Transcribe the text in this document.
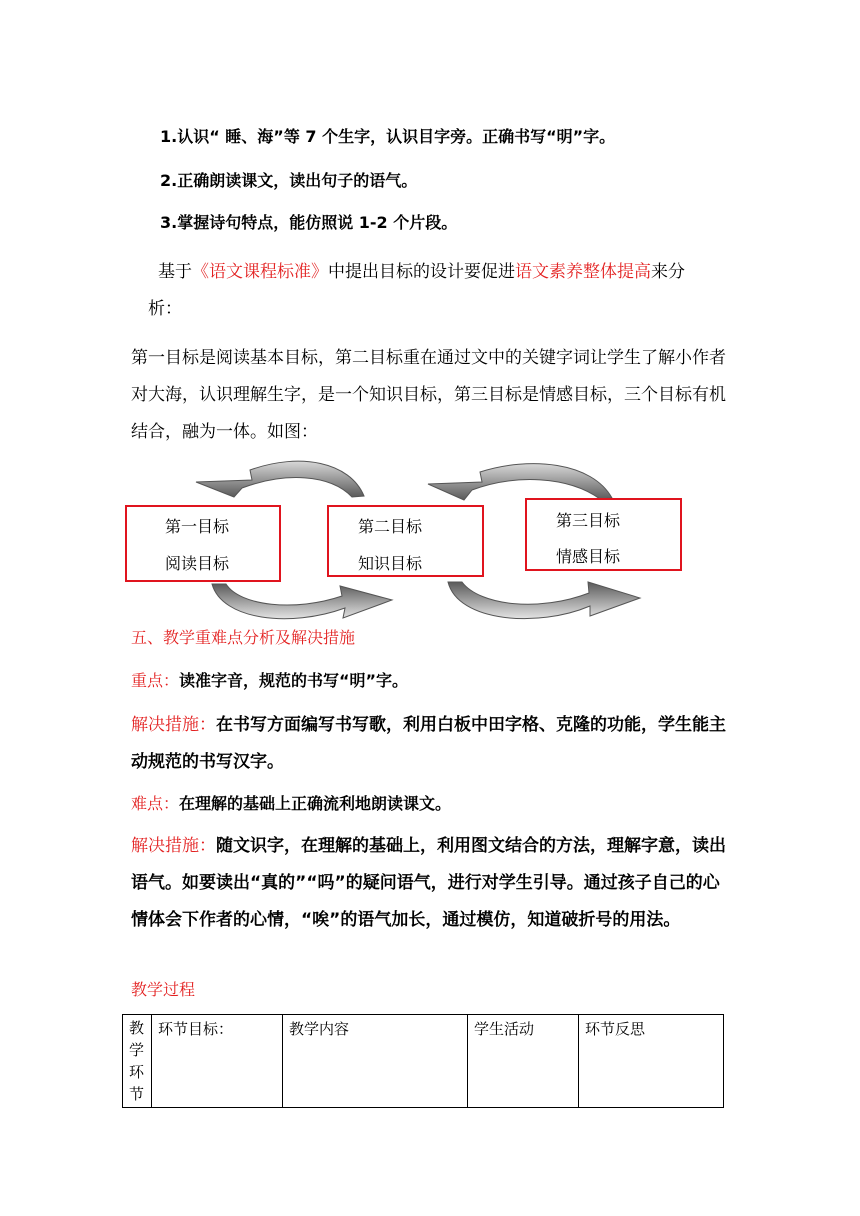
1.认识“ 睡、海”等 7 个生字，认识目字旁。正确书写“明”字。
2.正确朗读课文，读出句子的语气。
3.掌握诗句特点，能仿照说 1-2 个片段。
基于《语文课程标准》中提出目标的设计要促进语文素养整体提高来分
析：
第一目标是阅读基本目标，第二目标重在通过文中的关键字词让学生了解小作者对大海，认识理解生字，是一个知识目标，第三目标是情感目标，三个目标有机结合，融为一体。如图：
第一目标
阅读目标
第二目标
知识目标
第三目标
情感目标
五、教学重难点分析及解决措施
重点：读准字音，规范的书写“明”字。
解决措施：在书写方面编写书写歌，利用白板中田字格、克隆的功能，学生能主动规范的书写汉字。
难点：在理解的基础上正确流利地朗读课文。
解决措施：随文识字，在理解的基础上，利用图文结合的方法，理解字意，读出语气。如要读出“真的”“吗”的疑问语气，进行对学生引导。通过孩子自己的心情体会下作者的心情，“唉”的语气加长，通过模仿，知道破折号的用法。
教学过程
教学环节	环节目标：	教学内容	学生活动	环节反思
